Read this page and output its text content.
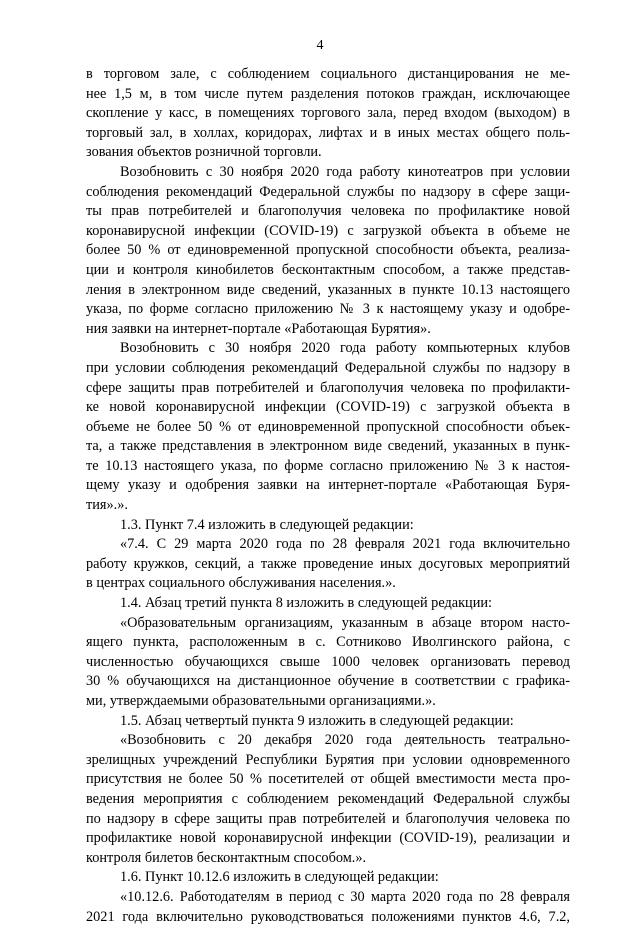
4
в торговом зале, с соблюдением социального дистанцирования не ме-
нее 1,5 м, в том числе путем разделения потоков граждан, исключающее
скопление у касс, в помещениях торгового зала, перед входом (выходом) в
торговый зал, в холлах, коридорах, лифтах и в иных местах общего поль-
зования объектов розничной торговли.
Возобновить с 30 ноября 2020 года работу кинотеатров при условии
соблюдения рекомендаций Федеральной службы по надзору в сфере защи-
ты прав потребителей и благополучия человека по профилактике новой
коронавирусной инфекции (COVID-19) с загрузкой объекта в объеме не
более 50 % от единовременной пропускной способности объекта, реализа-
ции и контроля кинобилетов бесконтактным способом, а также представ-
ления в электронном виде сведений, указанных в пункте 10.13 настоящего
указа, по форме согласно приложению № 3 к настоящему указу и одобре-
ния заявки на интернет-портале «Работающая Бурятия».
Возобновить с 30 ноября 2020 года работу компьютерных клубов
при условии соблюдения рекомендаций Федеральной службы по надзору в
сфере защиты прав потребителей и благополучия человека по профилакти-
ке новой коронавирусной инфекции (COVID-19) с загрузкой объекта в
объеме не более 50 % от единовременной пропускной способности объек-
та, а также представления в электронном виде сведений, указанных в пунк-
те 10.13 настоящего указа, по форме согласно приложению № 3 к настоя-
щему указу и одобрения заявки на интернет-портале «Работающая Буря-
тия».».
1.3. Пункт 7.4 изложить в следующей редакции:
«7.4. С 29 марта 2020 года по 28 февраля 2021 года включительно
работу кружков, секций, а также проведение иных досуговых мероприятий
в центрах социального обслуживания населения.».
1.4. Абзац третий пункта 8 изложить в следующей редакции:
«Образовательным организациям, указанным в абзаце втором насто-
ящего пункта, расположенным в с. Сотниково Иволгинского района, с
численностью обучающихся свыше 1000 человек организовать перевод
30 % обучающихся на дистанционное обучение в соответствии с графика-
ми, утверждаемыми образовательными организациями.».
1.5. Абзац четвертый пункта 9 изложить в следующей редакции:
«Возобновить с 20 декабря 2020 года деятельность театрально-
зрелищных учреждений Республики Бурятия при условии одновременного
присутствия не более 50 % посетителей от общей вместимости места про-
ведения мероприятия с соблюдением рекомендаций Федеральной службы
по надзору в сфере защиты прав потребителей и благополучия человека по
профилактике новой коронавирусной инфекции (COVID-19), реализации и
контроля билетов бесконтактным способом.».
1.6. Пункт 10.12.6 изложить в следующей редакции:
«10.12.6. Работодателям в период с 30 марта 2020 года по 28 февраля
2021 года включительно руководствоваться положениями пунктов 4.6, 7.2,
